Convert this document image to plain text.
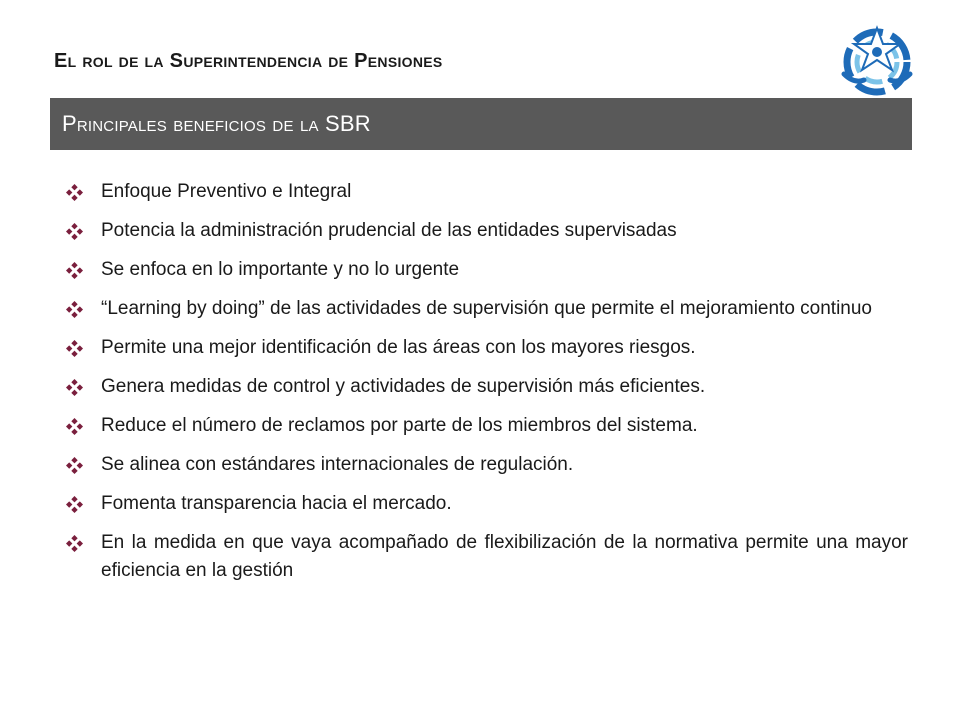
El rol de la Superintendencia de Pensiones
Principales beneficios de la SBR
Enfoque Preventivo e Integral
Potencia la administración prudencial de las entidades supervisadas
Se enfoca en lo importante y no lo urgente
“Learning by doing” de las actividades de supervisión que permite el mejoramiento continuo
Permite una mejor identificación de las áreas con los mayores riesgos.
Genera medidas de control y actividades de supervisión más eficientes.
Reduce el número de reclamos por parte de los miembros del sistema.
Se alinea con estándares internacionales de regulación.
Fomenta transparencia hacia el mercado.
En la medida en que vaya acompañado de flexibilización de la normativa permite una mayor eficiencia en la gestión
